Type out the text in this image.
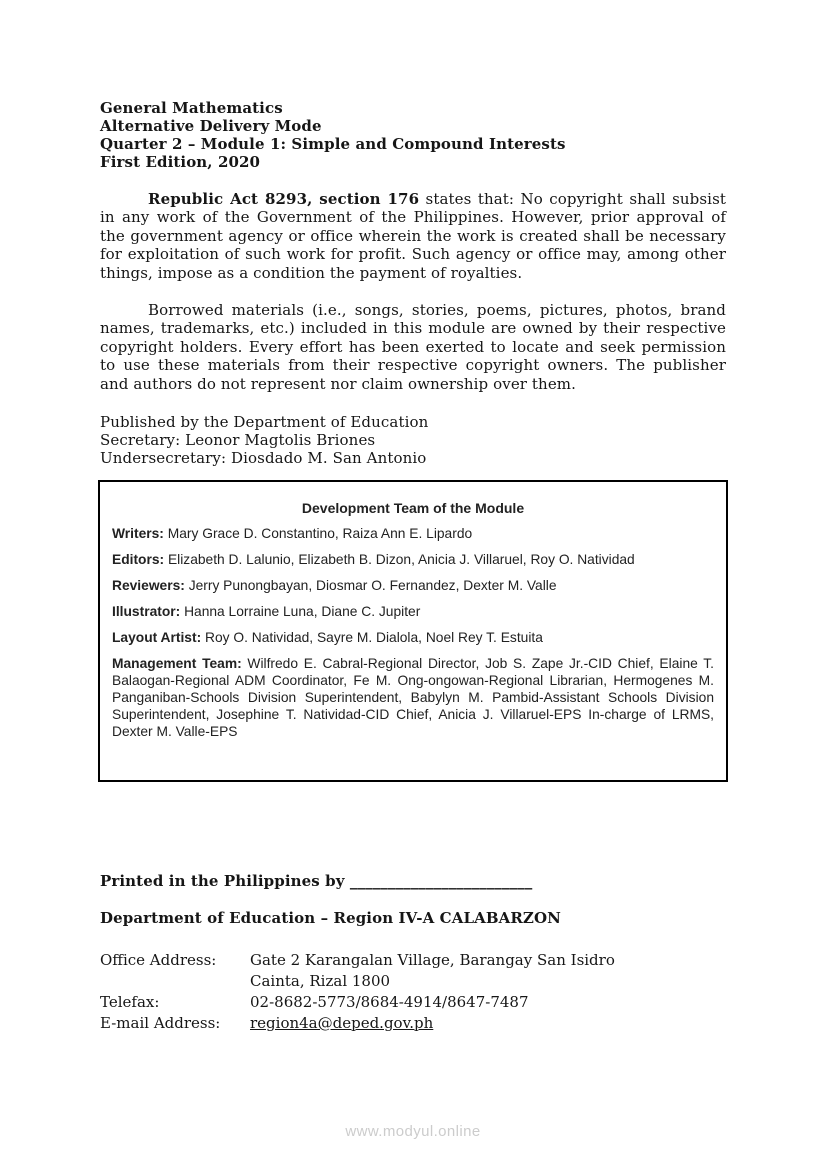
General Mathematics

Alternative Delivery Mode

Quarter 2 – Module 1: Simple and Compound Interests

First Edition, 2020

Republic Act 8293, section 176 states that: No copyright shall subsist in any work of the Government of the Philippines. However, prior approval of the government agency or office wherein the work is created shall be necessary for exploitation of such work for profit. Such agency or office may, among other things, impose as a condition the payment of royalties.

Borrowed materials (i.e., songs, stories, poems, pictures, photos, brand names, trademarks, etc.) included in this module are owned by their respective copyright holders. Every effort has been exerted to locate and seek permission to use these materials from their respective copyright owners. The publisher and authors do not represent nor claim ownership over them.

Published by the Department of Education

Secretary: Leonor Magtolis Briones

Undersecretary: Diosdado M. San Antonio

Development Team of the Module

Writers: Mary Grace D. Constantino, Raiza Ann E. Lipardo

Editors: Elizabeth D. Lalunio, Elizabeth B. Dizon, Anicia J. Villaruel, Roy O. Natividad

Reviewers: Jerry Punongbayan, Diosmar O. Fernandez, Dexter M. Valle

Illustrator: Hanna Lorraine Luna, Diane C. Jupiter

Layout Artist: Roy O. Natividad, Sayre M. Dialola, Noel Rey T. Estuita

Management Team: Wilfredo E. Cabral-Regional Director, Job S. Zape Jr.-CID Chief, Elaine T. Balaogan-Regional ADM Coordinator, Fe M. Ong-ongowan-Regional Librarian, Hermogenes M. Panganiban-Schools Division Superintendent, Babylyn M. Pambid-Assistant Schools Division Superintendent, Josephine T. Natividad-CID Chief, Anicia J. Villaruel-EPS In-charge of LRMS, Dexter M. Valle-EPS

Printed in the Philippines by ________________________

Department of Education – Region IV-A CALABARZON

Office Address:	Gate 2 Karangalan Village, Barangay San Isidro
Cainta, Rizal 1800
Telefax:	02-8682-5773/8684-4914/8647-7487
E-mail Address:	region4a@deped.gov.ph
www.modyul.online
